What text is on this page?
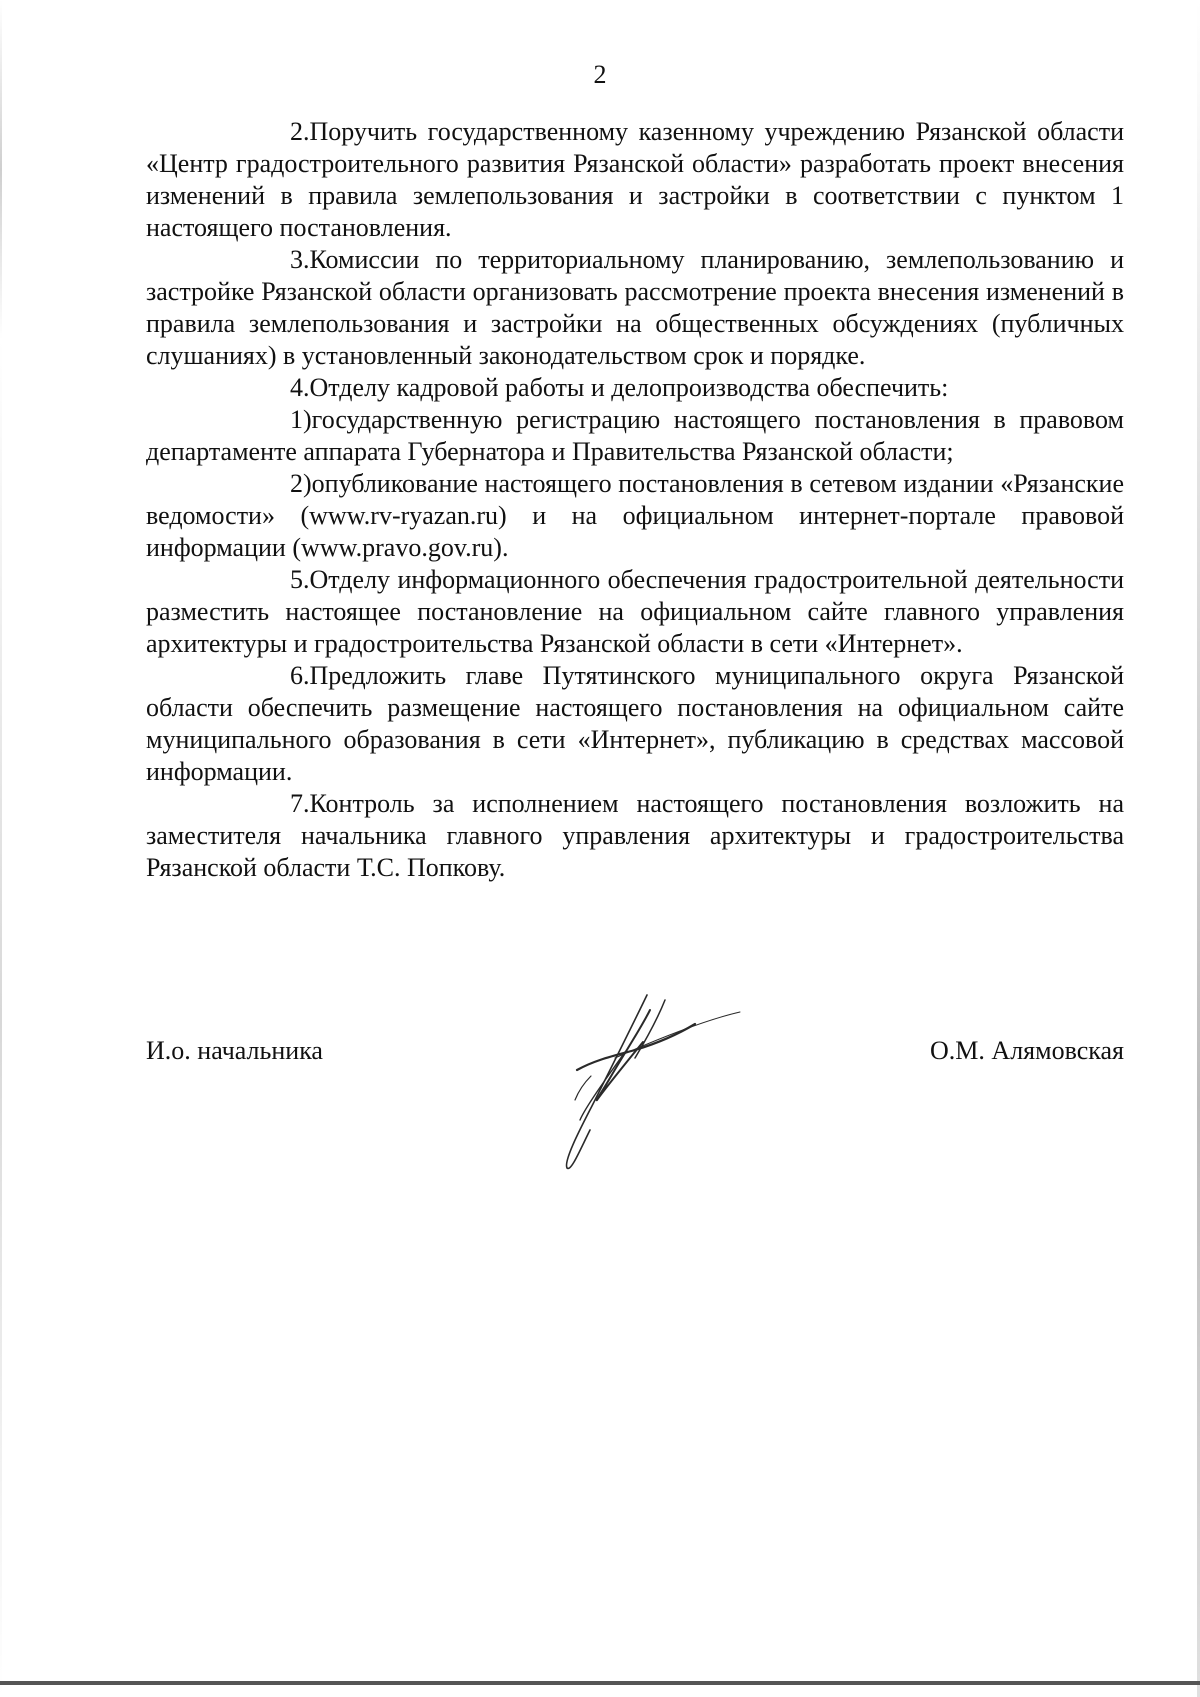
2

2.Поручить государственному казенному учреждению Рязанской области «Центр градостроительного развития Рязанской области» разработать проект внесения изменений в правила землепользования и застройки в соответствии с пунктом 1 настоящего постановления.

3.Комиссии по территориальному планированию, землепользованию и застройке Рязанской области организовать рассмотрение проекта внесения изменений в правила землепользования и застройки на общественных обсуждениях (публичных слушаниях) в установленный законодательством срок и порядке.

4.Отделу кадровой работы и делопроизводства обеспечить:

1)государственную регистрацию настоящего постановления в правовом департаменте аппарата Губернатора и Правительства Рязанской области;

2)опубликование настоящего постановления в сетевом издании «Рязанские ведомости» (www.rv-ryazan.ru) и на официальном интернет-портале правовой информации (www.pravo.gov.ru).

5.Отделу информационного обеспечения градостроительной деятельности разместить настоящее постановление на официальном сайте главного управления архитектуры и градостроительства Рязанской области в сети «Интернет».

6.Предложить главе Путятинского муниципального округа Рязанской области обеспечить размещение настоящего постановления на официальном сайте муниципального образования в сети «Интернет», публикацию в средствах массовой информации.

7.Контроль за исполнением настоящего постановления возложить на заместителя начальника главного управления архитектуры и градостроительства Рязанской области Т.С. Попкову.

И.о. начальника	О.М. Алямовская
